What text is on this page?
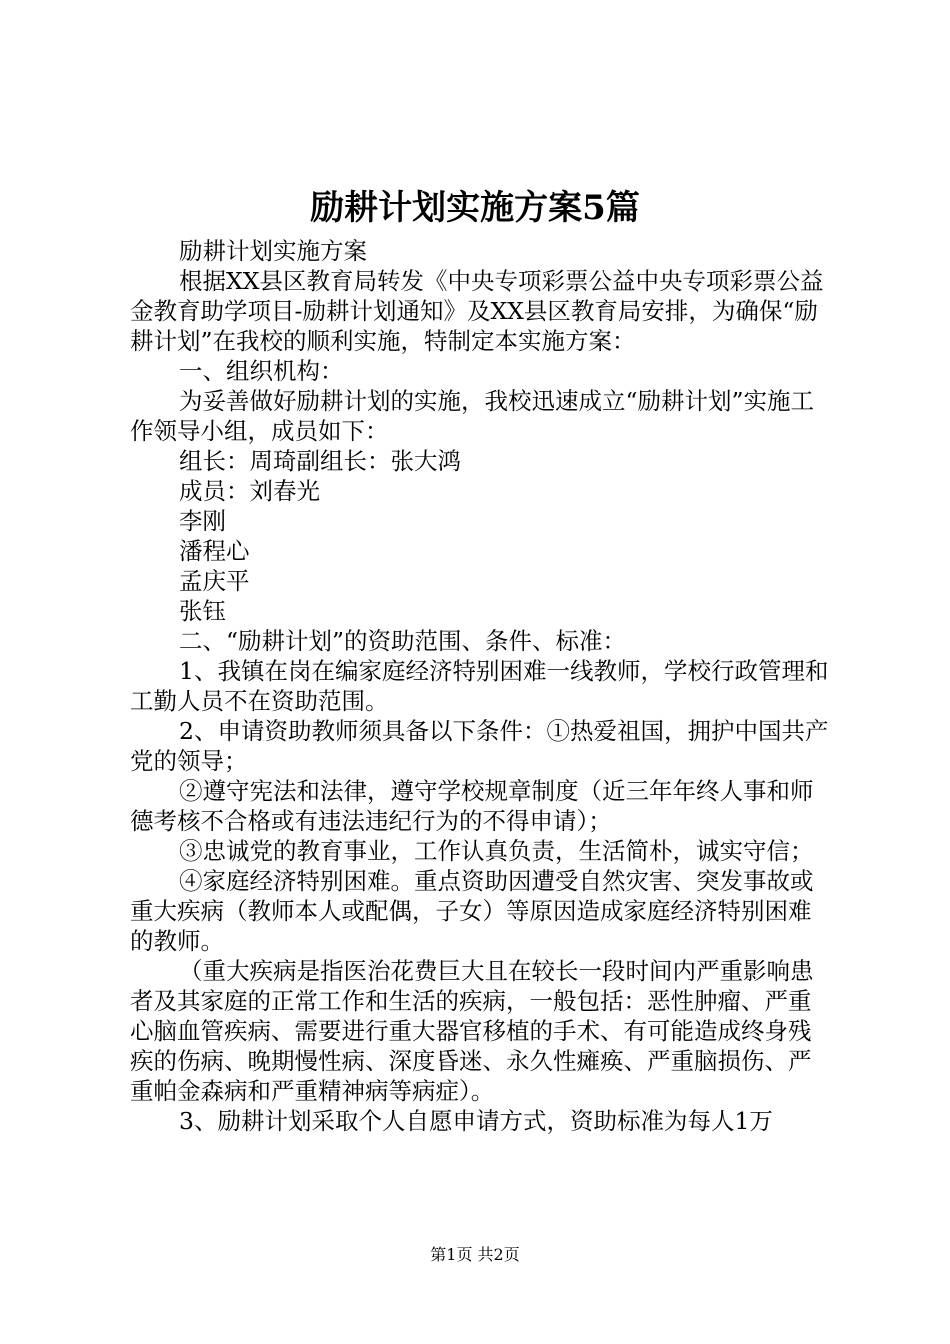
励耕计划实施方案5篇

励耕计划实施方案

根据XX县区教育局转发《中央专项彩票公益中央专项彩票公益金教育助学项目-励耕计划通知》及XX县区教育局安排，为确保“励耕计划”在我校的顺利实施，特制定本实施方案：

一、组织机构：

为妥善做好励耕计划的实施，我校迅速成立“励耕计划”实施工作领导小组，成员如下：

组长：周琦副组长：张大鸿

成员：刘春光

李刚

潘程心

孟庆平

张钰

二、“励耕计划”的资助范围、条件、标准：

1、我镇在岗在编家庭经济特别困难一线教师，学校行政管理和工勤人员不在资助范围。

2、申请资助教师须具备以下条件：①热爱祖国，拥护中国共产党的领导；

②遵守宪法和法律，遵守学校规章制度（近三年年终人事和师德考核不合格或有违法违纪行为的不得申请）；

③忠诚党的教育事业，工作认真负责，生活简朴，诚实守信；

④家庭经济特别困难。重点资助因遭受自然灾害、突发事故或重大疾病（教师本人或配偶，子女）等原因造成家庭经济特别困难的教师。

（重大疾病是指医治花费巨大且在较长一段时间内严重影响患者及其家庭的正常工作和生活的疾病，一般包括：恶性肿瘤、严重心脑血管疾病、需要进行重大器官移植的手术、有可能造成终身残疾的伤病、晚期慢性病、深度昏迷、永久性瘫痪、严重脑损伤、严重帕金森病和严重精神病等病症）。

3、励耕计划采取个人自愿申请方式，资助标准为每人1万

第1页 共2页
